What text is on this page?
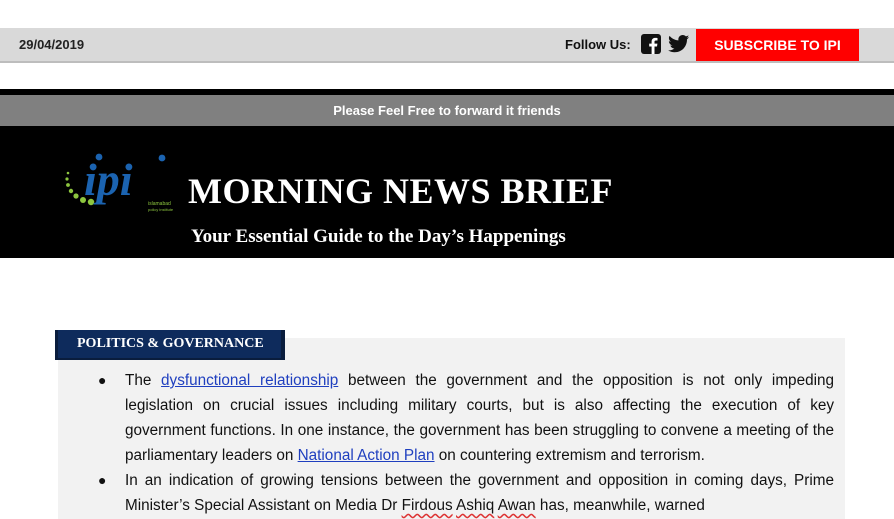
29/04/2019	Follow Us:	SUBSCRIBE TO IPI
Please Feel Free to forward it friends
ipi	islamabad
policy institute MORNING NEWS BRIEF
Your Essential Guide to the Day’s Happenings
POLITICS & GOVERNANCE
● The dysfunctional relationship between the government and the opposition is not only impeding legislation on crucial issues including military courts, but is also affecting the execution of key government functions. In one instance, the government has been struggling to convene a meeting of the parliamentary leaders on National Action Plan on countering extremism and terrorism.
● In an indication of growing tensions between the government and opposition in coming days, Prime Minister’s Special Assistant on Media Dr Firdous Ashiq Awan has, meanwhile, warned
